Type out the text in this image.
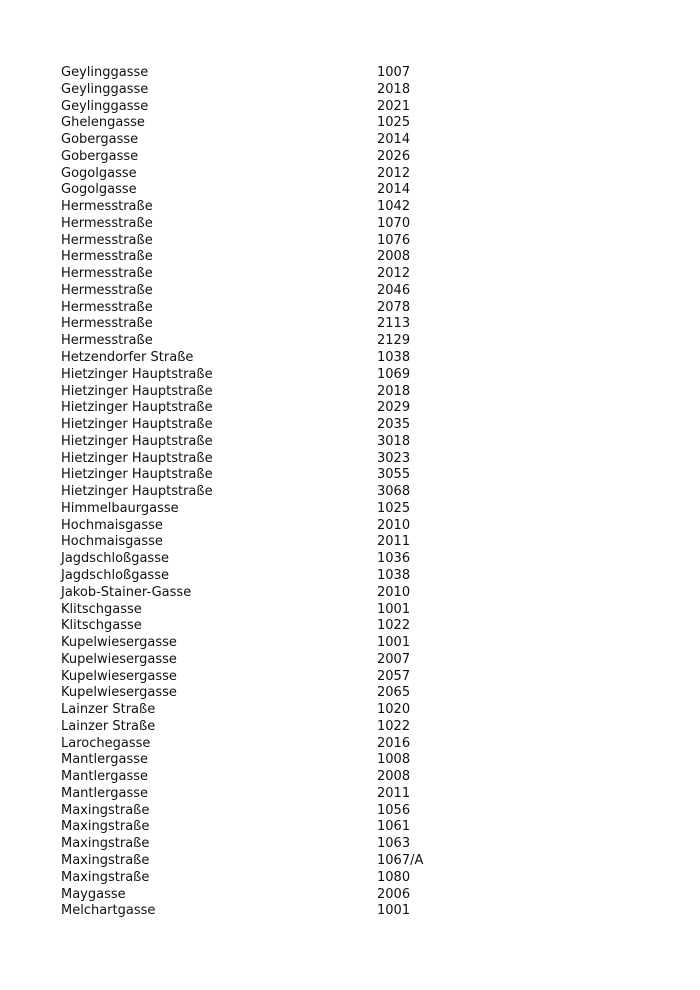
Geylinggasse	1007
Geylinggasse	2018
Geylinggasse	2021
Ghelengasse	1025
Gobergasse	2014
Gobergasse	2026
Gogolgasse	2012
Gogolgasse	2014
Hermesstraße	1042
Hermesstraße	1070
Hermesstraße	1076
Hermesstraße	2008
Hermesstraße	2012
Hermesstraße	2046
Hermesstraße	2078
Hermesstraße	2113
Hermesstraße	2129
Hetzendorfer Straße	1038
Hietzinger Hauptstraße	1069
Hietzinger Hauptstraße	2018
Hietzinger Hauptstraße	2029
Hietzinger Hauptstraße	2035
Hietzinger Hauptstraße	3018
Hietzinger Hauptstraße	3023
Hietzinger Hauptstraße	3055
Hietzinger Hauptstraße	3068
Himmelbaurgasse	1025
Hochmaisgasse	2010
Hochmaisgasse	2011
Jagdschloßgasse	1036
Jagdschloßgasse	1038
Jakob-Stainer-Gasse	2010
Klitschgasse	1001
Klitschgasse	1022
Kupelwiesergasse	1001
Kupelwiesergasse	2007
Kupelwiesergasse	2057
Kupelwiesergasse	2065
Lainzer Straße	1020
Lainzer Straße	1022
Larochegasse	2016
Mantlergasse	1008
Mantlergasse	2008
Mantlergasse	2011
Maxingstraße	1056
Maxingstraße	1061
Maxingstraße	1063
Maxingstraße	1067/A
Maxingstraße	1080
Maygasse	2006
Melchartgasse	1001
